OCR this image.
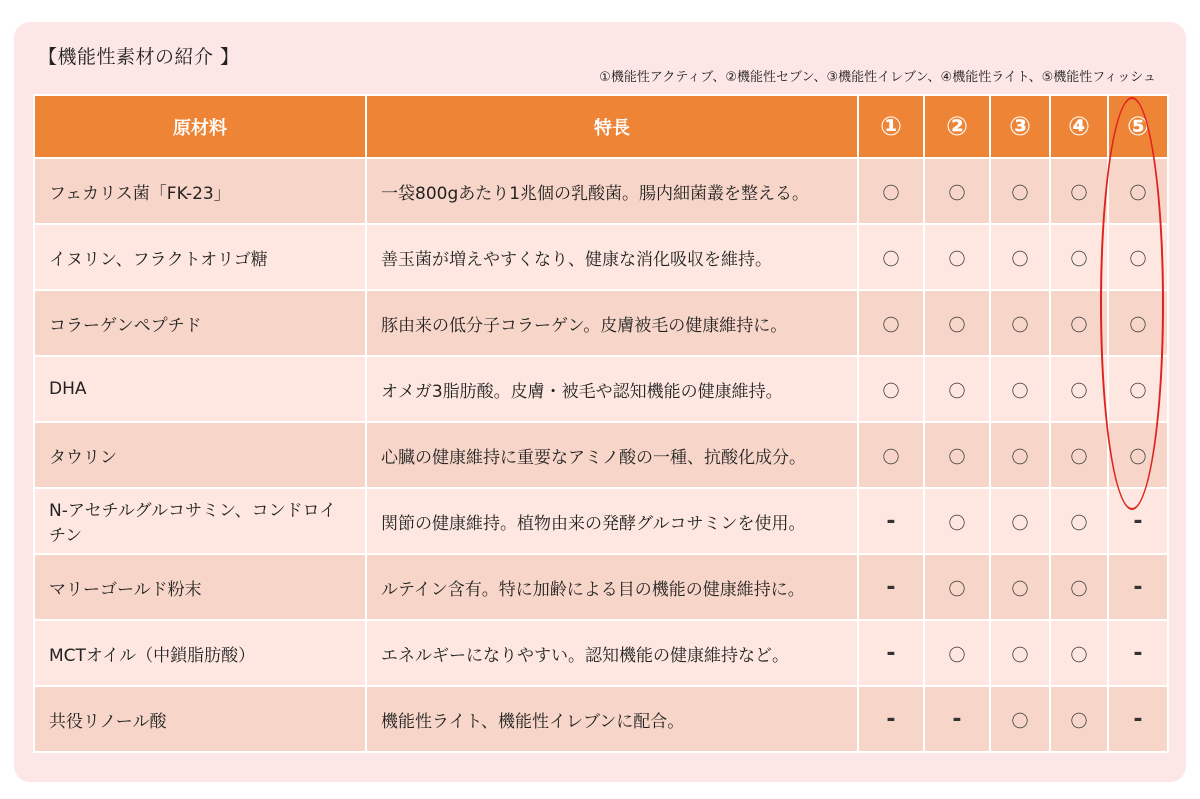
【機能性素材の紹介 】
①機能性アクティブ、②機能性セブン、③機能性イレブン、④機能性ライト、⑤機能性フィッシュ
原材料	特長	①	②	③	④	⑤
フェカリス菌「FK-23」	一袋800gあたり1兆個の乳酸菌。腸内細菌叢を整える。	〇	〇	〇	〇	〇
イヌリン、フラクトオリゴ糖	善玉菌が増えやすくなり、健康な消化吸収を維持。	〇	〇	〇	〇	〇
コラーゲンペプチド	豚由来の低分子コラーゲン。皮膚被毛の健康維持に。	〇	〇	〇	〇	〇
DHA	オメガ3脂肪酸。皮膚・被毛や認知機能の健康維持。	〇	〇	〇	〇	〇
タウリン	心臓の健康維持に重要なアミノ酸の一種、抗酸化成分。	〇	〇	〇	〇	〇
N-アセチルグルコサミン、コンドロイチン	関節の健康維持。植物由来の発酵グルコサミンを使用。	-	〇	〇	〇	-
マリーゴールド粉末	ルテイン含有。特に加齢による目の機能の健康維持に。	-	〇	〇	〇	-
MCTオイル（中鎖脂肪酸）	エネルギーになりやすい。認知機能の健康維持など。	-	〇	〇	〇	-
共役リノール酸	機能性ライト、機能性イレブンに配合。	-	-	〇	〇	-
